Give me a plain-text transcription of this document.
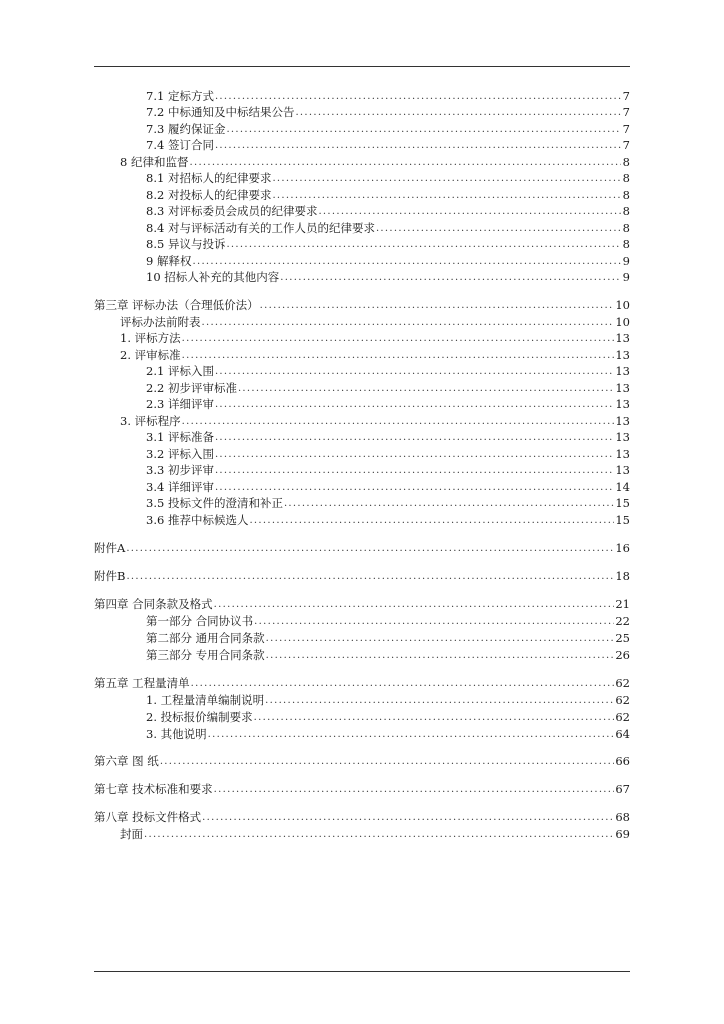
7.1 定标方式 .....	7
7.2 中标通知及中标结果公告 .....	7
7.3 履约保证金 .....	7
7.4 签订合同 .....	7
8 纪律和监督 .....	8
8.1 对招标人的纪律要求 .....	8
8.2 对投标人的纪律要求 .....	8
8.3 对评标委员会成员的纪律要求 .....	8
8.4 对与评标活动有关的工作人员的纪律要求 .....	8
8.5 异议与投诉 .....	8
9 解释权 .....	9
10 招标人补充的其他内容 .....	9
第三章 评标办法（合理低价法） .....	10
评标办法前附表 .....	10
1. 评标方法 .....	13
2. 评审标准 .....	13
2.1 评标入围 .....	13
2.2 初步评审标准 .....	13
2.3 详细评审 .....	13
3. 评标程序 .....	13
3.1 评标准备 .....	13
3.2 评标入围 .....	13
3.3 初步评审 .....	13
3.4 详细评审 .....	14
3.5 投标文件的澄清和补正 .....	15
3.6 推荐中标候选人 .....	15
附件A .....	16
附件B .....	18
第四章 合同条款及格式 .....	21
第一部分 合同协议书 .....	22
第二部分 通用合同条款 .....	25
第三部分 专用合同条款 .....	26
第五章 工程量清单 .....	62
1. 工程量清单编制说明 .....	62
2. 投标报价编制要求 .....	62
3. 其他说明 .....	64
第六章 图 纸 .....	66
第七章 技术标准和要求 .....	67
第八章 投标文件格式 .....	68
封面 .....	69
